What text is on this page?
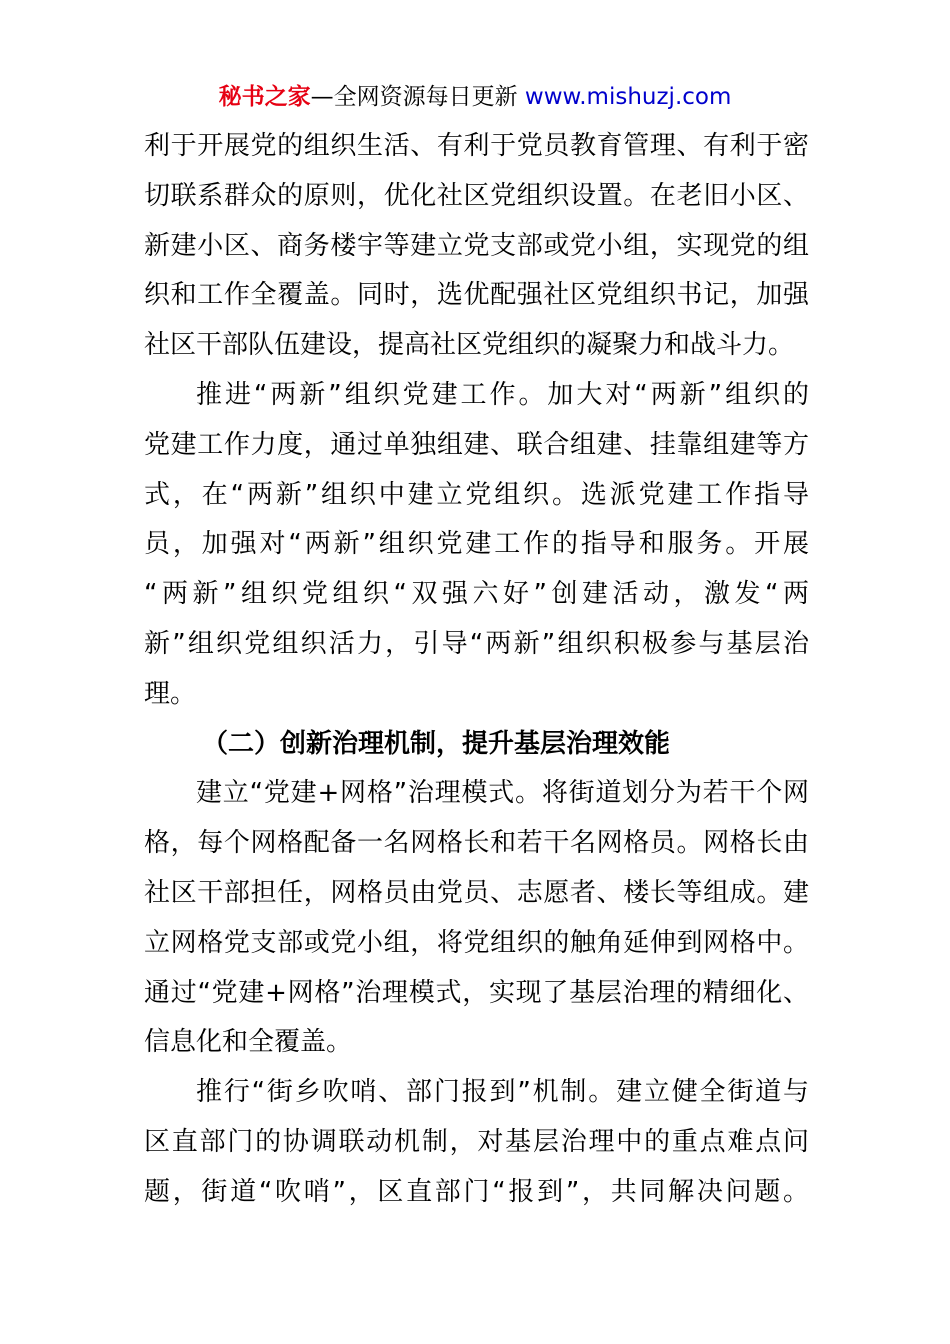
秘书之家—全网资源每日更新 www.mishuzj.com
利于开展党的组织生活、有利于党员教育管理、有利于密
切联系群众的原则，优化社区党组织设置。在老旧小区、
新建小区、商务楼宇等建立党支部或党小组，实现党的组
织和工作全覆盖。同时，选优配强社区党组织书记，加强
社区干部队伍建设，提高社区党组织的凝聚力和战斗力。
推进“两新”组织党建工作。加大对“两新”组织的
党建工作力度，通过单独组建、联合组建、挂靠组建等方
式，在“两新”组织中建立党组织。选派党建工作指导
员，加强对“两新”组织党建工作的指导和服务。开展
“两新”组织党组织“双强六好”创建活动，激发“两
新”组织党组织活力，引导“两新”组织积极参与基层治
理。
（二）创新治理机制，提升基层治理效能
建立“党建+网格”治理模式。将街道划分为若干个网
格，每个网格配备一名网格长和若干名网格员。网格长由
社区干部担任，网格员由党员、志愿者、楼长等组成。建
立网格党支部或党小组，将党组织的触角延伸到网格中。
通过“党建+网格”治理模式，实现了基层治理的精细化、
信息化和全覆盖。
推行“街乡吹哨、部门报到”机制。建立健全街道与
区直部门的协调联动机制，对基层治理中的重点难点问
题，街道“吹哨”，区直部门“报到”，共同解决问题。
